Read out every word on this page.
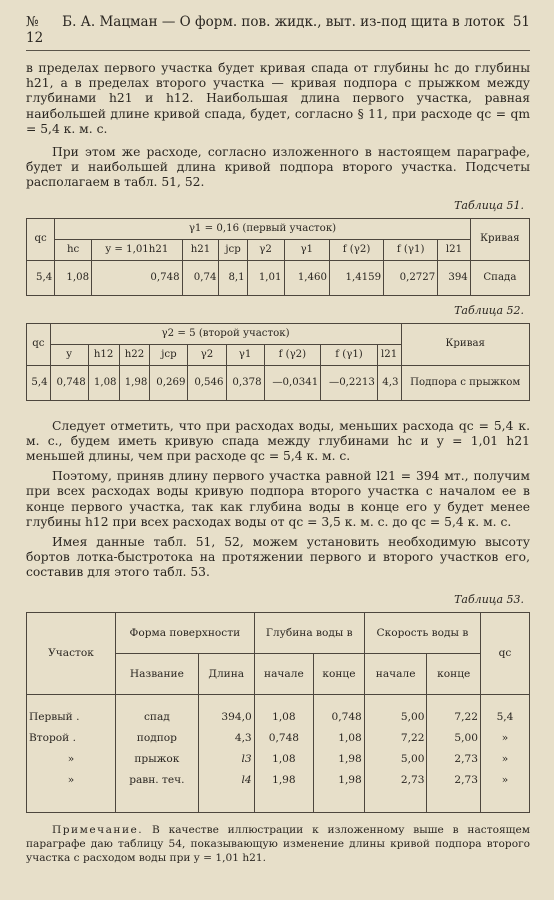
№ 12
Б. А. Мацман — О форм. пов. жидк., выт. из-под щита в лоток 51

в пределах первого участка будет кривая спада от глубины hc до глубины h21, а в пределах второго участка — кривая подпора с прыжком между глубинами h21 и h12. Наибольшая длина первого участка, равная наибольшей длине кривой спада, будет, согласно § 11, при расходе qc = qm = 5,4 к. м. с.

При этом же расходе, согласно изложенного в настоящем параграфе, будет и наибольшей длина кривой подпора второго участка. Подсчеты располагаем в табл. 51, 52.

Таблица 51.
qc	γ1 = 0,16 (первый участок)									Кривая
	hc	y = 1,01h21	h21	jср	γ2	γ1	f (γ2)	f (γ1)	l21	
5,4	1,08	0,748	0,74	8,1	1,01	1,460	1,4159	0,2727	394	Спада
Таблица 52.
qc	γ2 = 5 (второй участок)									Кривая
	y	h12	h22	jср	γ2	γ1	f (γ2)	f (γ1)	l21	
5,4	0,748	1,08	1,98	0,269	0,546	0,378	—0,0341	—0,2213	4,3	Подпора с прыжком

Следует отметить, что при расходах воды, меньших расхода qc = 5,4 к. м. с., будем иметь кривую спада между глубинами hc и y = 1,01 h21 меньшей длины, чем при расходе qc = 5,4 к. м. с.

Поэтому, приняв длину первого участка равной l21 = 394 мт., получим при всех расходах воды кривую подпора второго участка с началом ее в конце первого участка, так как глубина воды в конце его y будет менее глубины h12 при всех расходах воды от qc = 3,5 к. м. с. до qc = 5,4 к. м. с.

Имея данные табл. 51, 52, можем установить необходимую высоту бортов лотка-быстротока на протяжении первого и второго участков его, составив для этого табл. 53.

Таблица 53.
Участок	Форма поверхности		Глубина воды в		Скорость воды в		qc
	Название	Длина	начале	конце	начале	конце	
Первый .	спад	394,0	1,08	0,748	5,00	7,22	5,4
Второй .	подпор	4,3	0,748	1,08	7,22	5,00	»
»	прыжок	l3	1,08	1,98	5,00	2,73	»
»	равн. теч.	l4	1,98	1,98	2,73	2,73	»

Примечание. В качестве иллюстрации к изложенному выше в настоящем параграфе даю таблицу 54, показывающую изменение длины кривой подпора второго участка с расходом воды при y = 1,01 h21.
